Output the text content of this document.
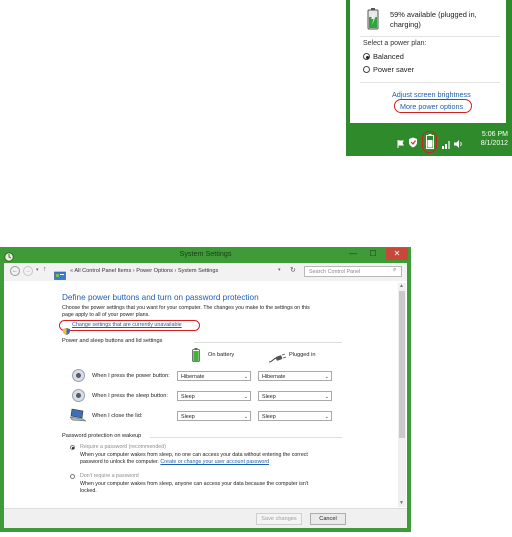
59% available (plugged in,
charging)
Select a power plan:
Balanced
Power saver
Adjust screen brightness
More power options
5:06 PM
8/1/2012
System Settings	—	☐	✕
←	→	▾ ↑	« All Control Panel Items › Power Options › System Settings	▾ ↻	Search Control Panel	⌕
Define power buttons and turn on password protection
Choose the power settings that you want for your computer. The changes you make to the settings on this
page apply to all of your power plans.
Change settings that are currently unavailable
Power and sleep buttons and lid settings
On battery	Plugged in
When I press the power button:	Hibernate	⌄	Hibernate	⌄
When I press the sleep button:	Sleep	⌄	Sleep	⌄
When I close the lid:	Sleep	⌄	Sleep	⌄
Password protection on wakeup
Require a password (recommended)
When your computer wakes from sleep, no one can access your data without entering the correct
password to unlock the computer. Create or change your user account password
Don't require a password
When your computer wakes from sleep, anyone can access your data because the computer isn't
locked.
▲
▼
Save changes	Cancel
